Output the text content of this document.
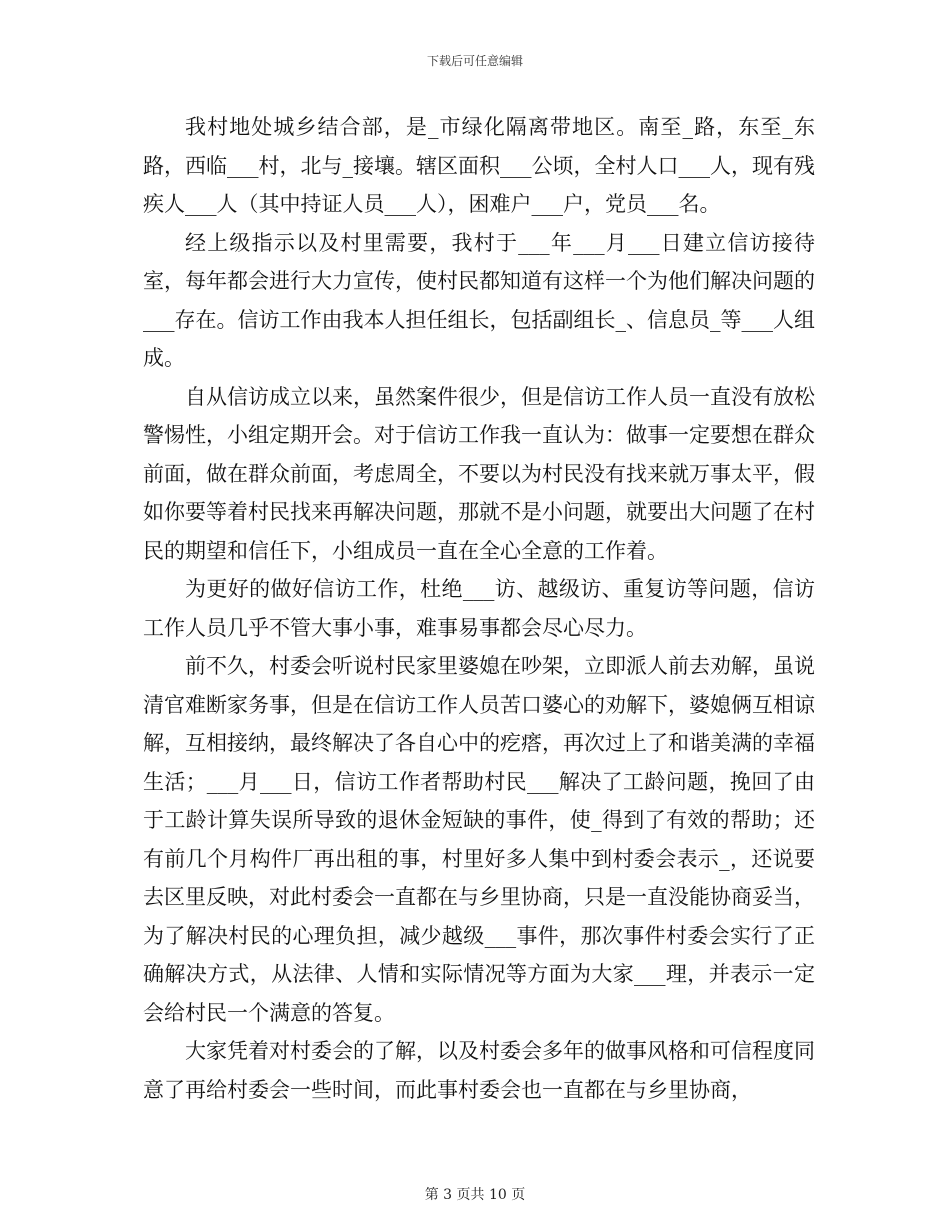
下载后可任意编辑

我村地处城乡结合部，是_市绿化隔离带地区。南至_路，东至_东路，西临___村，北与_接壤。辖区面积___公顷，全村人口___人，现有残疾人___人（其中持证人员___人），困难户___户，党员___名。

经上级指示以及村里需要，我村于___年___月___日建立信访接待室，每年都会进行大力宣传，使村民都知道有这样一个为他们解决问题的___存在。信访工作由我本人担任组长，包括副组长_、信息员_等___人组成。

自从信访成立以来，虽然案件很少，但是信访工作人员一直没有放松警惕性，小组定期开会。对于信访工作我一直认为：做事一定要想在群众前面，做在群众前面，考虑周全，不要以为村民没有找来就万事太平，假如你要等着村民找来再解决问题，那就不是小问题，就要出大问题了在村民的期望和信任下，小组成员一直在全心全意的工作着。

为更好的做好信访工作，杜绝___访、越级访、重复访等问题，信访工作人员几乎不管大事小事，难事易事都会尽心尽力。

前不久，村委会听说村民家里婆媳在吵架，立即派人前去劝解，虽说清官难断家务事，但是在信访工作人员苦口婆心的劝解下，婆媳俩互相谅解，互相接纳，最终解决了各自心中的疙瘩，再次过上了和谐美满的幸福生活；___月___日，信访工作者帮助村民___解决了工龄问题，挽回了由于工龄计算失误所导致的退休金短缺的事件，使_得到了有效的帮助；还有前几个月构件厂再出租的事，村里好多人集中到村委会表示_，还说要去区里反映，对此村委会一直都在与乡里协商，只是一直没能协商妥当，为了解决村民的心理负担，减少越级___事件，那次事件村委会实行了正确解决方式，从法律、人情和实际情况等方面为大家___理，并表示一定会给村民一个满意的答复。

大家凭着对村委会的了解，以及村委会多年的做事风格和可信程度同意了再给村委会一些时间，而此事村委会也一直都在与乡里协商，

第 3 页共 10 页
